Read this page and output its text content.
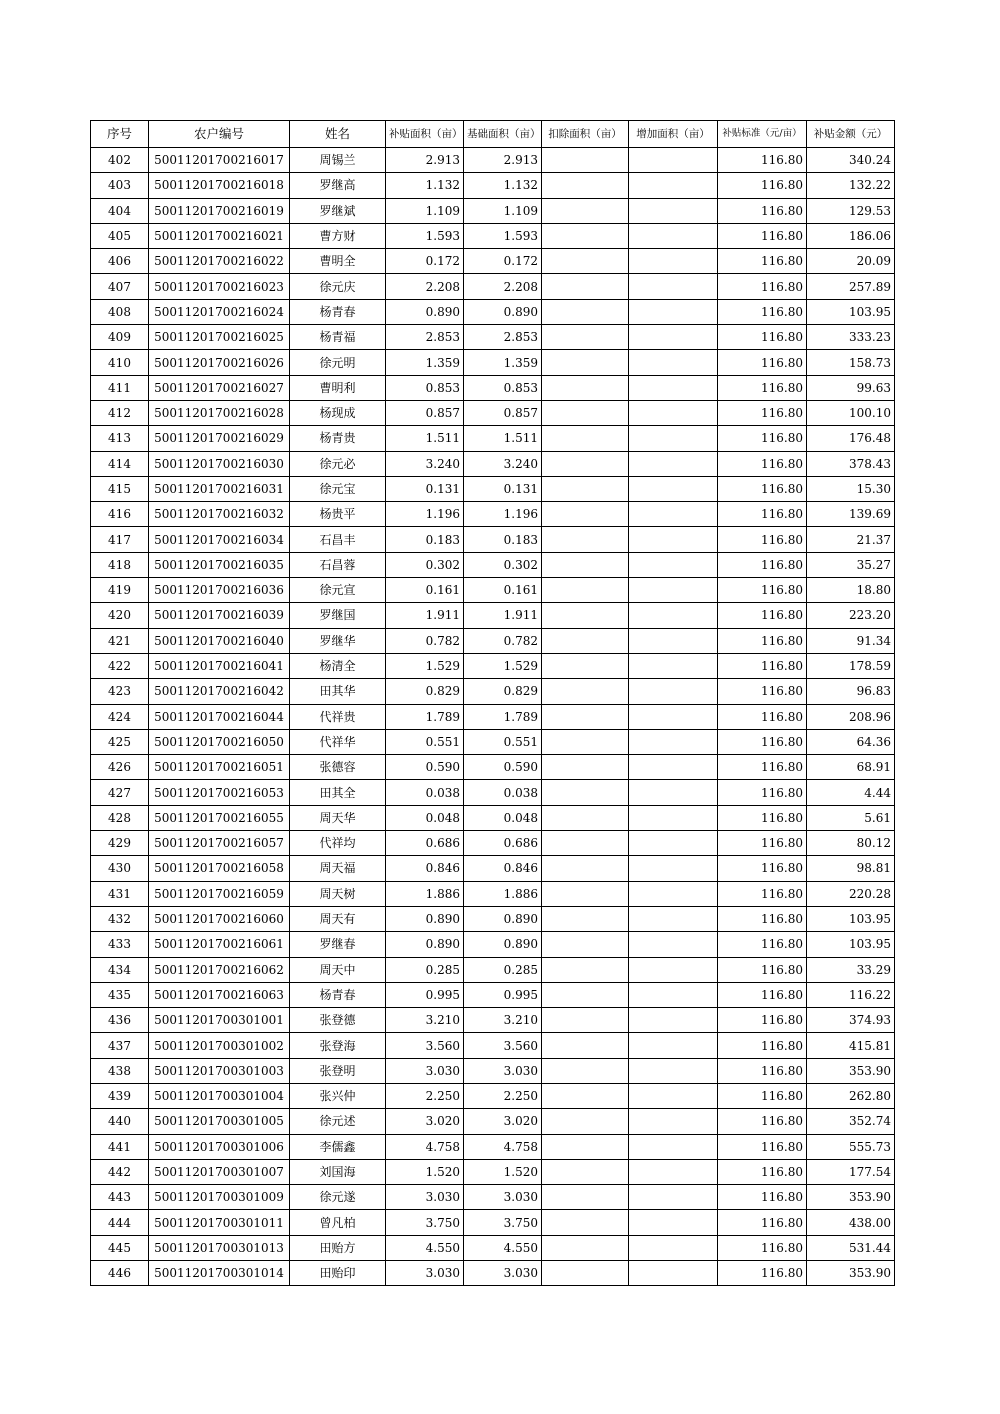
序号	农户编号	姓名	补贴面积（亩）	基础面积（亩）	扣除面积（亩）	增加面积（亩）	补贴标准（元/亩）	补贴金额（元）
402	50011201700216017	周锡兰	2.913	2.913			116.80	340.24
403	50011201700216018	罗继高	1.132	1.132			116.80	132.22
404	50011201700216019	罗继斌	1.109	1.109			116.80	129.53
405	50011201700216021	曹方财	1.593	1.593			116.80	186.06
406	50011201700216022	曹明全	0.172	0.172			116.80	20.09
407	50011201700216023	徐元庆	2.208	2.208			116.80	257.89
408	50011201700216024	杨青春	0.890	0.890			116.80	103.95
409	50011201700216025	杨青福	2.853	2.853			116.80	333.23
410	50011201700216026	徐元明	1.359	1.359			116.80	158.73
411	50011201700216027	曹明利	0.853	0.853			116.80	99.63
412	50011201700216028	杨现成	0.857	0.857			116.80	100.10
413	50011201700216029	杨青贵	1.511	1.511			116.80	176.48
414	50011201700216030	徐元必	3.240	3.240			116.80	378.43
415	50011201700216031	徐元宝	0.131	0.131			116.80	15.30
416	50011201700216032	杨贵平	1.196	1.196			116.80	139.69
417	50011201700216034	石昌丰	0.183	0.183			116.80	21.37
418	50011201700216035	石昌蓉	0.302	0.302			116.80	35.27
419	50011201700216036	徐元宣	0.161	0.161			116.80	18.80
420	50011201700216039	罗继国	1.911	1.911			116.80	223.20
421	50011201700216040	罗继华	0.782	0.782			116.80	91.34
422	50011201700216041	杨清全	1.529	1.529			116.80	178.59
423	50011201700216042	田其华	0.829	0.829			116.80	96.83
424	50011201700216044	代祥贵	1.789	1.789			116.80	208.96
425	50011201700216050	代祥华	0.551	0.551			116.80	64.36
426	50011201700216051	张德容	0.590	0.590			116.80	68.91
427	50011201700216053	田其全	0.038	0.038			116.80	4.44
428	50011201700216055	周天华	0.048	0.048			116.80	5.61
429	50011201700216057	代祥均	0.686	0.686			116.80	80.12
430	50011201700216058	周天福	0.846	0.846			116.80	98.81
431	50011201700216059	周天树	1.886	1.886			116.80	220.28
432	50011201700216060	周天有	0.890	0.890			116.80	103.95
433	50011201700216061	罗继春	0.890	0.890			116.80	103.95
434	50011201700216062	周天中	0.285	0.285			116.80	33.29
435	50011201700216063	杨青春	0.995	0.995			116.80	116.22
436	50011201700301001	张登德	3.210	3.210			116.80	374.93
437	50011201700301002	张登海	3.560	3.560			116.80	415.81
438	50011201700301003	张登明	3.030	3.030			116.80	353.90
439	50011201700301004	张兴仲	2.250	2.250			116.80	262.80
440	50011201700301005	徐元述	3.020	3.020			116.80	352.74
441	50011201700301006	李儒鑫	4.758	4.758			116.80	555.73
442	50011201700301007	刘国海	1.520	1.520			116.80	177.54
443	50011201700301009	徐元遂	3.030	3.030			116.80	353.90
444	50011201700301011	曾凡柏	3.750	3.750			116.80	438.00
445	50011201700301013	田贻方	4.550	4.550			116.80	531.44
446	50011201700301014	田贻印	3.030	3.030			116.80	353.90
